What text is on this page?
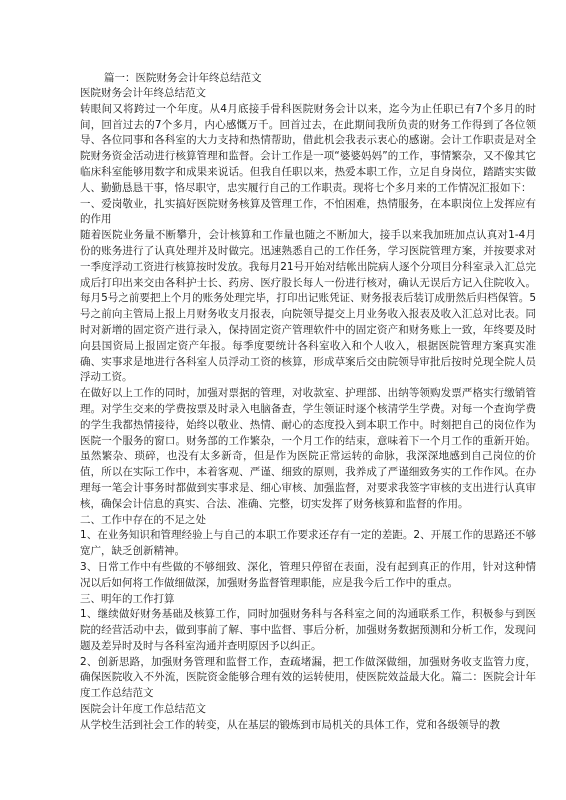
篇一：医院财务会计年终总结范文
医院财务会计年终总结范文

转眼间又将跨过一个年度。从4月底接手骨科医院财务会计以来，迄今为止任职已有7个多月的时间，回首过去的7个多月，内心感慨万千。回首过去，在此期间我所负责的财务工作得到了各位领导、各位同事和各科室的大力支持和热情帮助，借此机会我表示衷心的感谢。会计工作职责是对全院财务资金活动进行核算管理和监督。会计工作是一项“婆婆妈妈”的工作，事情繁杂，又不像其它临床科室能够用数字和成果来说话。但我自任职以来，热爱本职工作，立足自身岗位，踏踏实实做人、勤勤恳恳干事，恪尽职守，忠实履行自己的工作职责。现将七个多月来的工作情况汇报如下：

一、爱岗敬业，扎实搞好医院财务核算及管理工作，不怕困难，热情服务，在本职岗位上发挥应有的作用

随着医院业务量不断攀升，会计核算和工作量也随之不断加大，接手以来我加班加点认真对1-4月份的账务进行了认真处理并及时做完。迅速熟悉自己的工作任务，学习医院管理方案，并按要求对一季度浮动工资进行核算按时发放。我每月21号开始对结帐出院病人逐个分项目分科室录入汇总完成后打印出来交由各科护士长、药房、医疗股长每人一份进行核对，确认无误后方记入住院收入。每月5号之前要把上个月的账务处理完毕，打印出记账凭证、财务报表后装订成册然后归档保管。5号之前向主管局上报上月财务收支月报表，向院领导提交上月业务收入报表及收入汇总对比表。同时对新增的固定资产进行录入，保持固定资产管理软件中的固定资产和财务账上一致，年终要及时向县国资局上报固定资产年报。每季度要统计各科室收入和个人收入，根据医院管理方案真实准确、实事求是地进行各科室人员浮动工资的核算，形成草案后交由院领导审批后按时兑现全院人员浮动工资。

在做好以上工作的同时，加强对票据的管理，对收款室、护理部、出纳等领购发票严格实行缴销管理。对学生交来的学费按票及时录入电脑备查，学生领证时逐个核清学生学费。对每一个查询学费的学生我都热情接待，始终以敬业、热情、耐心的态度投入到本职工作中。时刻把自己的岗位作为医院一个服务的窗口。财务部的工作繁杂，一个月工作的结束，意味着下一个月工作的重新开始。虽然繁杂、琐碎，也没有太多新奇，但是作为医院正常运转的命脉，我深深地感到自己岗位的价值，所以在实际工作中，本着客观、严谨、细致的原则，我养成了严谨细致务实的工作作风。在办理每一笔会计事务时都做到实事求是、细心审核、加强监督，对要求我签字审核的支出进行认真审核，确保会计信息的真实、合法、准确、完整，切实发挥了财务核算和监督的作用。

二、工作中存在的不足之处

1、在业务知识和管理经验上与自己的本职工作要求还存有一定的差距。2、开展工作的思路还不够宽广，缺乏创新精神。

3、日常工作中有些做的不够细致、深化，管理只停留在表面，没有起到真正的作用，针对这种情况以后如何将工作做细做深，加强财务监督管理职能，应是我今后工作中的重点。

三、明年的工作打算

1、继续做好财务基础及核算工作，同时加强财务科与各科室之间的沟通联系工作，积极参与到医院的经营活动中去，做到事前了解、事中监督、事后分析，加强财务数据预测和分析工作，发现问题及差异时及时与各科室沟通并查明原因予以纠正。

2、创新思路，加强财务管理和监督工作，查疏堵漏，把工作做深做细，加强财务收支监管力度，确保医院收入不外流，医院资金能够合理有效的运转使用，使医院效益最大化。篇二：医院会计年度工作总结范文

医院会计年度工作总结范文

从学校生活到社会工作的转变，从在基层的锻炼到市局机关的具体工作，党和各级领导的教
